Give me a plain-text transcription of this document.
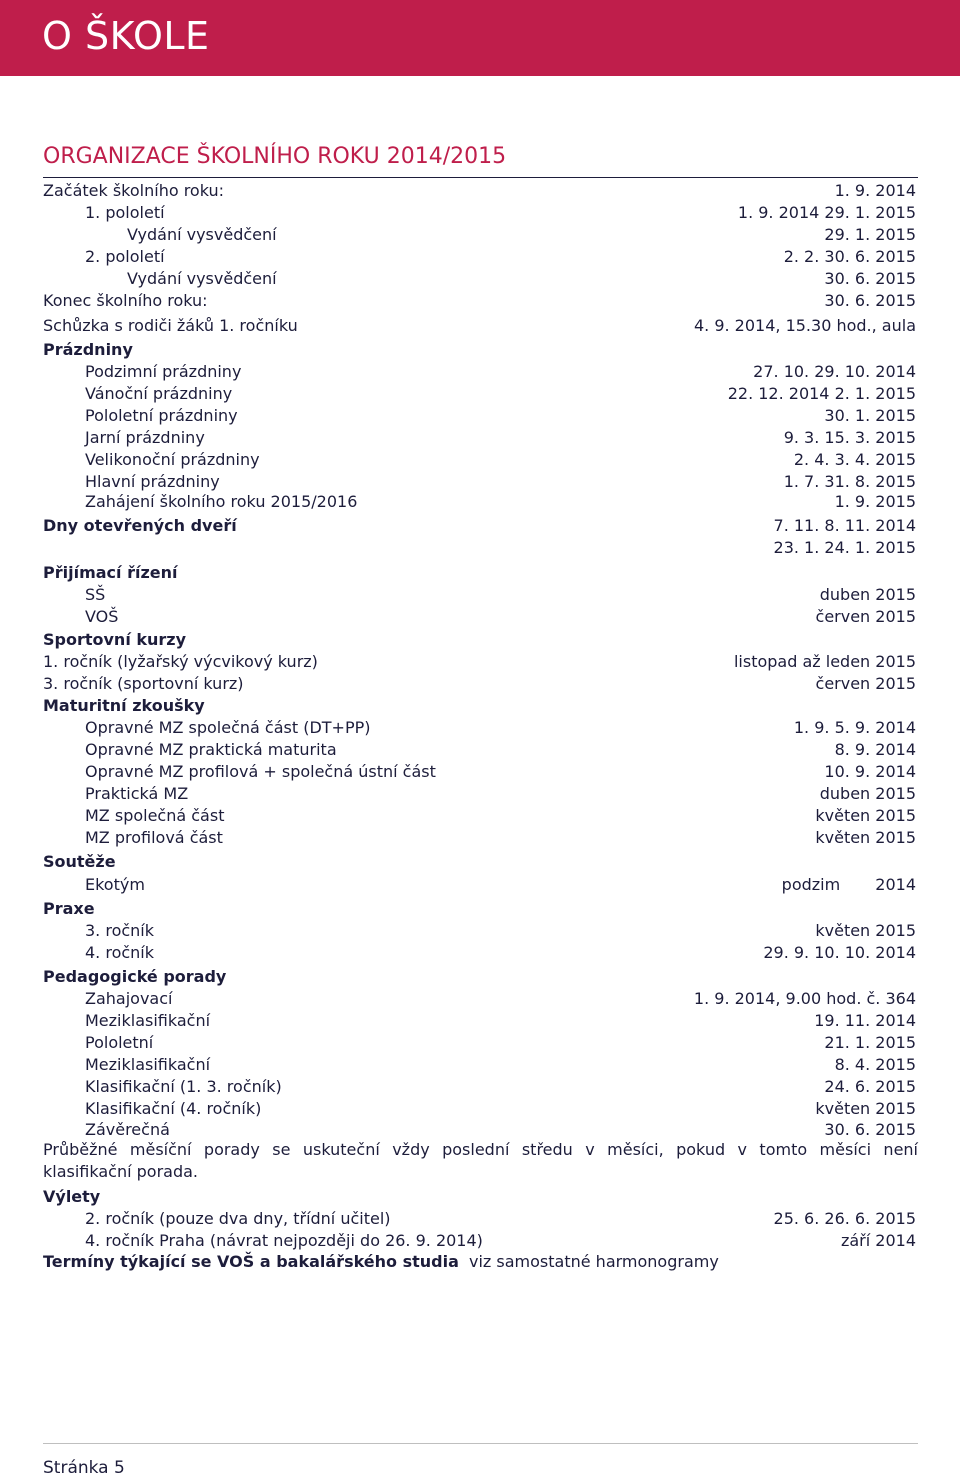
O ŠKOLE
ORGANIZACE ŠKOLNÍHO ROKU 2014/2015
Začátek školního roku:	1. 9. 2014
1. pololetí	1. 9. 2014 29. 1. 2015
Vydání vysvědčení	29. 1. 2015
2. pololetí	2. 2. 30. 6. 2015
Vydání vysvědčení	30. 6. 2015
Konec školního roku:	30. 6. 2015
Schůzka s rodiči žáků 1. ročníku	4. 9. 2014, 15.30 hod., aula
Prázdniny
Podzimní prázdniny	27. 10. 29. 10. 2014
Vánoční prázdniny	22. 12. 2014 2. 1. 2015
Pololetní prázdniny	30. 1. 2015
Jarní prázdniny	9. 3. 15. 3. 2015
Velikonoční prázdniny	2. 4. 3. 4. 2015
Hlavní prázdniny	1. 7. 31. 8. 2015
Zahájení školního roku 2015/2016	1. 9. 2015
Dny otevřených dveří	7. 11. 8. 11. 2014
23. 1. 24. 1. 2015
Přijímací řízení
SŠ	duben 2015
VOŠ	červen 2015
Sportovní kurzy
1. ročník (lyžařský výcvikový kurz)	listopad až leden 2015
3. ročník (sportovní kurz)	červen 2015
Maturitní zkoušky
Opravné MZ společná část (DT+PP)	1. 9. 5. 9. 2014
Opravné MZ praktická maturita	8. 9. 2014
Opravné MZ profilová + společná ústní část	10. 9. 2014
Praktická MZ	duben 2015
MZ společná část	květen 2015
MZ profilová část	květen 2015
Soutěže
Ekotým	podzim 2014
Praxe
3. ročník	květen 2015
4. ročník	29. 9. 10. 10. 2014
Pedagogické porady
Zahajovací	1. 9. 2014, 9.00 hod. č. 364
Meziklasifikační	19. 11. 2014
Pololetní	21. 1. 2015
Meziklasifikační	8. 4. 2015
Klasifikační (1. 3. ročník)	24. 6. 2015
Klasifikační (4. ročník)	květen 2015
Závěrečná	30. 6. 2015
Průběžné měsíční porady se uskuteční vždy poslední středu v měsíci, pokud v tomto měsíci není
klasifikační porada.
Výlety
2. ročník (pouze dva dny, třídní učitel)	25. 6. 26. 6. 2015
4. ročník Praha (návrat nejpozději do 26. 9. 2014)	září 2014
Termíny týkající se VOŠ a bakalářského studia viz samostatné harmonogramy
Stránka 5
